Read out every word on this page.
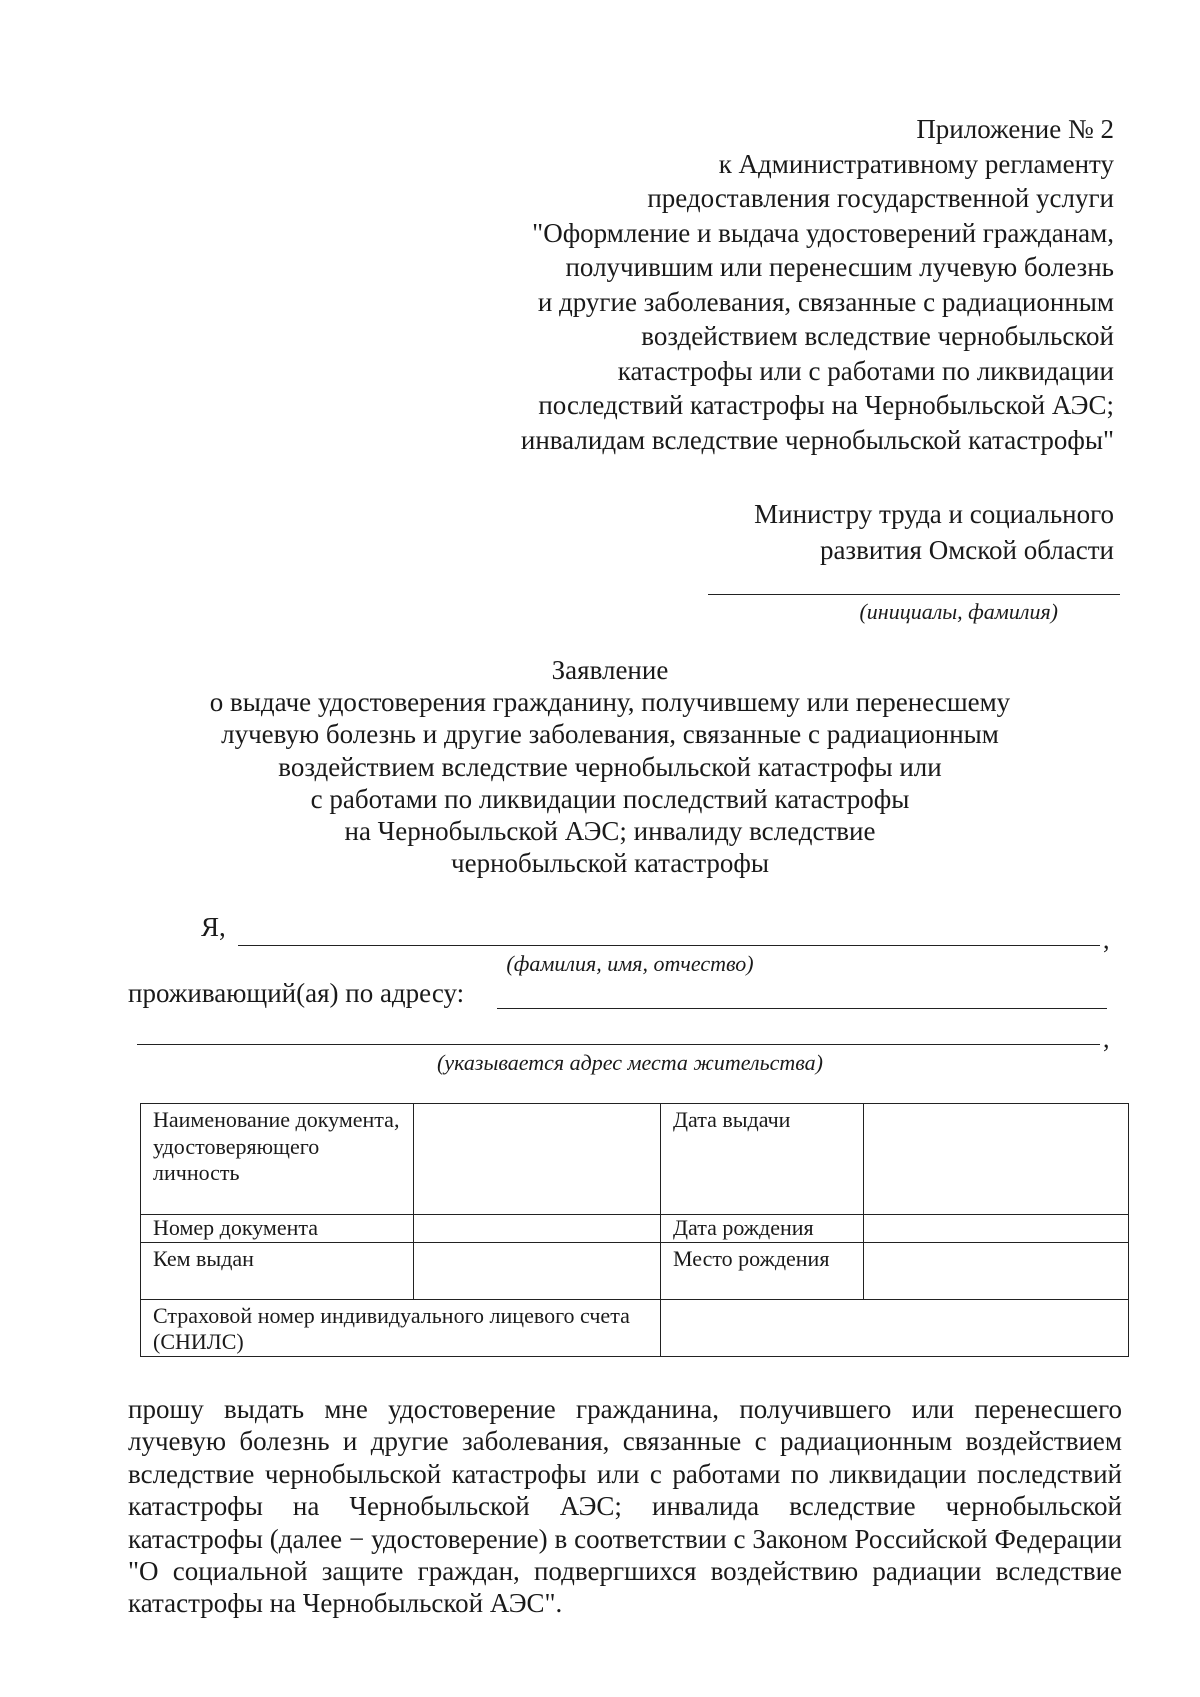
Приложение № 2
к Административному регламенту
предоставления государственной услуги
"Оформление и выдача удостоверений гражданам,
получившим или перенесшим лучевую болезнь
и другие заболевания, связанные с радиационным
воздействием вследствие чернобыльской
катастрофы или с работами по ликвидации
последствий катастрофы на Чернобыльской АЭС;
инвалидам вследствие чернобыльской катастрофы"
Министру труда и социального
развития Омской области
(инициалы, фамилия)
Заявление
о выдаче удостоверения гражданину, получившему или перенесшему
лучевую болезнь и другие заболевания, связанные с радиационным
воздействием вследствие чернобыльской катастрофы или
с работами по ликвидации последствий катастрофы
на Чернобыльской АЭС; инвалиду вследствие
чернобыльской катастрофы
Я,	,
(фамилия, имя, отчество)
проживающий(ая) по адресу:
,
(указывается адрес места жительства)
Наименование документа, удостоверяющего личность		Дата выдачи	
Номер документа		Дата рождения	
Кем выдан		Место рождения	
Страховой номер индивидуального лицевого счета (СНИЛС)			
прошу выдать мне удостоверение гражданина, получившего или перенесшего лучевую болезнь и другие заболевания, связанные с радиационным воздействием вследствие чернобыльской катастрофы или с работами по ликвидации последствий катастрофы на Чернобыльской АЭС; инвалида вследствие чернобыльской катастрофы (далее − удостоверение) в соответствии с Законом Российской Федерации "О социальной защите граждан, подвергшихся воздействию радиации вследствие катастрофы на Чернобыльской АЭС".
